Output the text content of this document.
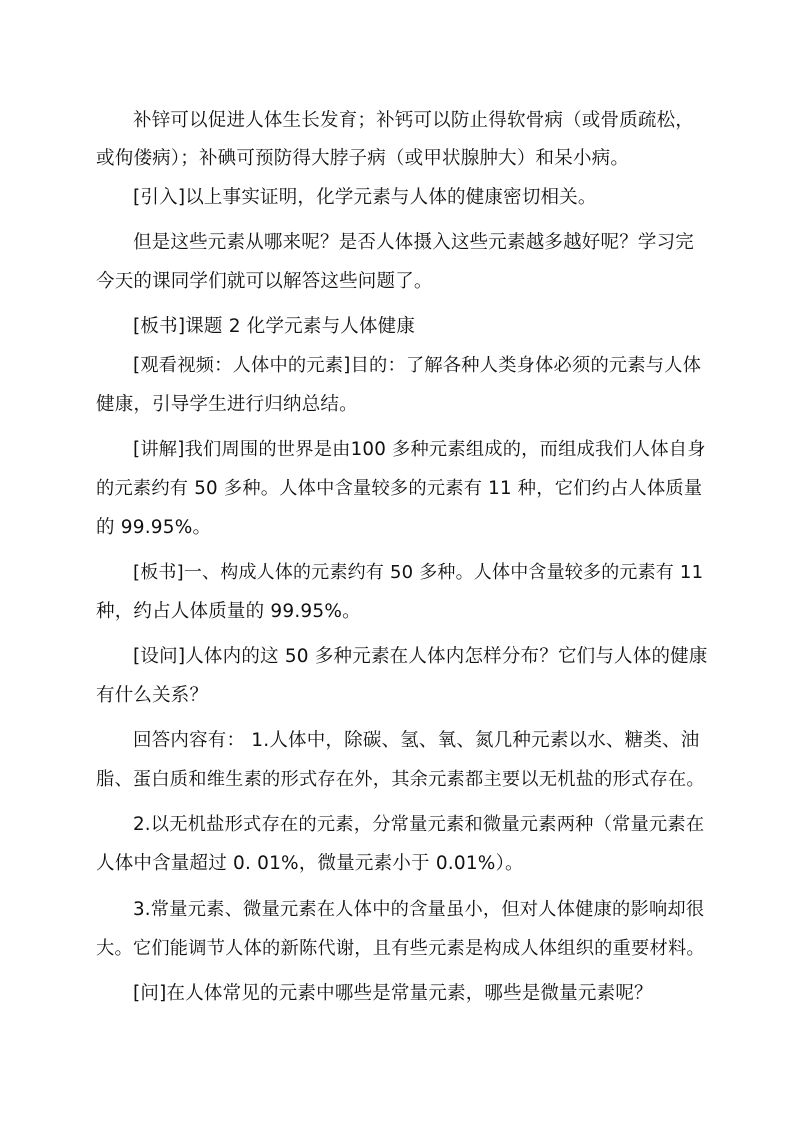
补锌可以促进人体生长发育；补钙可以防止得软骨病（或骨质疏松，

或佝偻病）；补碘可预防得大脖子病（或甲状腺肿大）和呆小病。

[引入]以上事实证明，化学元素与人体的健康密切相关。

但是这些元素从哪来呢？是否人体摄入这些元素越多越好呢？学习完

今天的课同学们就可以解答这些问题了。

[板书]课题 2 化学元素与人体健康

[观看视频：人体中的元素]目的：了解各种人类身体必须的元素与人体

健康，引导学生进行归纳总结。

[讲解]我们周围的世界是由100 多种元素组成的，而组成我们人体自身

的元素约有 50 多种。人体中含量较多的元素有 11 种，它们约占人体质量

的 99.95%。

[板书]一、构成人体的元素约有 50 多种。人体中含量较多的元素有 11

种，约占人体质量的 99.95%。

[设问]人体内的这 50 多种元素在人体内怎样分布？它们与人体的健康

有什么关系？

回答内容有： 1.人体中，除碳、氢、氧、氮几种元素以水、糖类、油

脂、蛋白质和维生素的形式存在外，其余元素都主要以无机盐的形式存在。

2.以无机盐形式存在的元素，分常量元素和微量元素两种（常量元素在

人体中含量超过 0. 01%，微量元素小于 0.01%）。

3.常量元素、微量元素在人体中的含量虽小，但对人体健康的影响却很

大。它们能调节人体的新陈代谢，且有些元素是构成人体组织的重要材料。

[问]在人体常见的元素中哪些是常量元素，哪些是微量元素呢？
